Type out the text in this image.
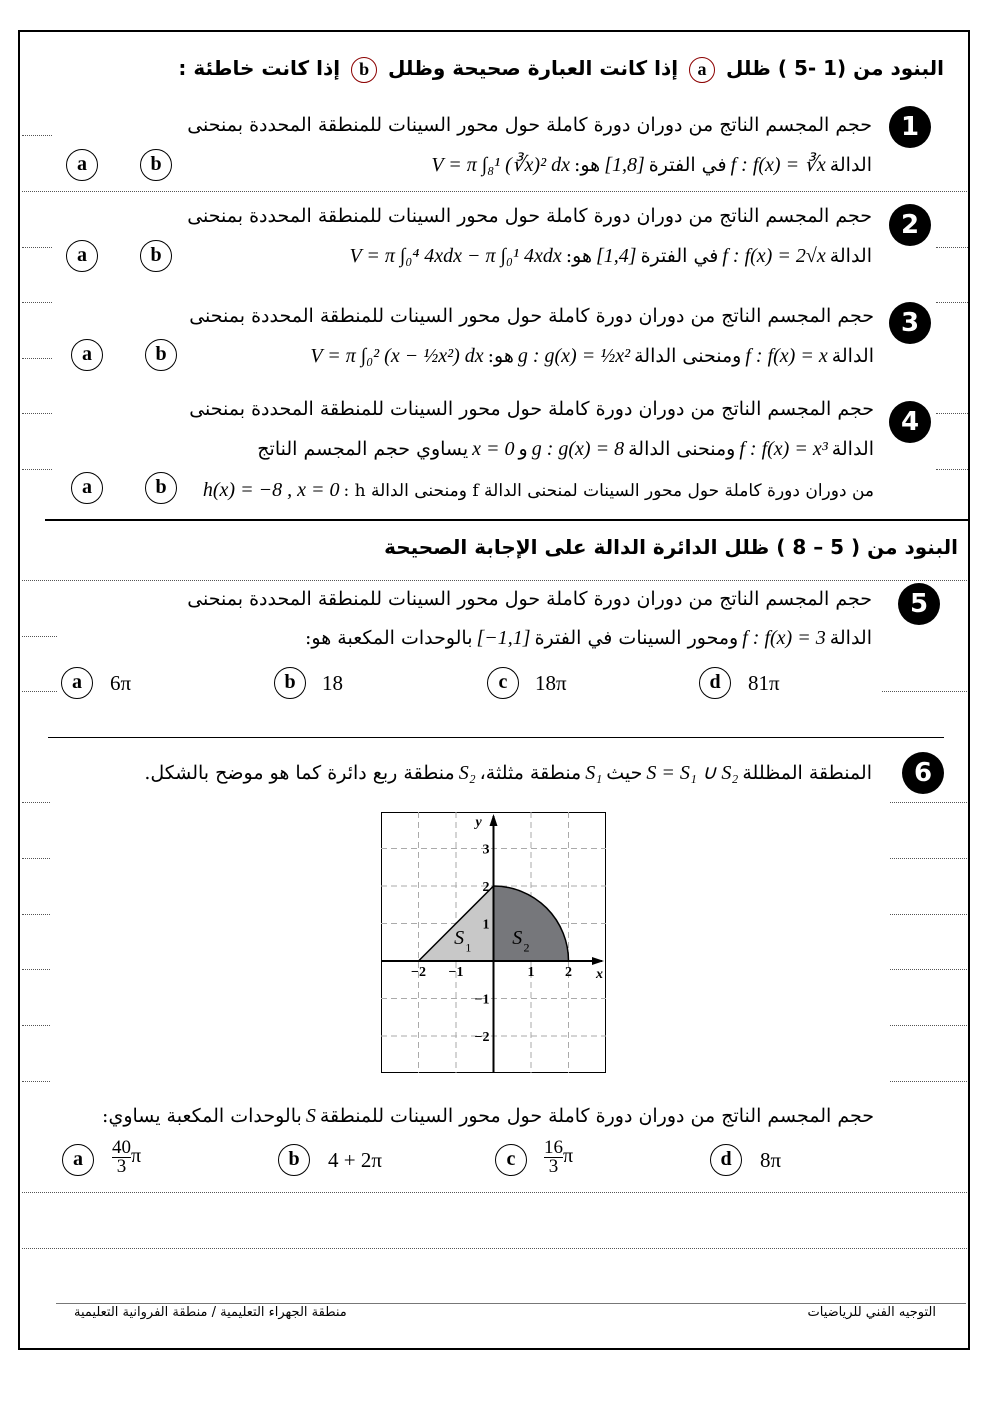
البنود من (1 -5 ) ظلل a إذا كانت العبارة صحيحة وظلل b إذا كانت خاطئة :
1
حجم المجسم الناتج من دوران دورة كاملة حول محور السينات للمنطقة المحددة بمنحنى
الدالةf : f(x) = ∛xفي الفترة[1,8]هو:V = π ∫₈¹ (∛x)² dx
a	b
2
حجم المجسم الناتج من دوران دورة كاملة حول محور السينات للمنطقة المحددة بمنحنى
الدالةf : f(x) = 2√xفي الفترة[1,4]هو:V = π ∫₀⁴ 4xdx − π ∫₀¹ 4xdx
a	b
3
حجم المجسم الناتج من دوران دورة كاملة حول محور السينات للمنطقة المحددة بمنحنى
الدالةf : f(x) = xومنحنى الدالةg : g(x) = ½x²هو:V = π ∫₀² (x − ½x²) dx
a	b
4
حجم المجسم الناتج من دوران دورة كاملة حول محور السينات للمنطقة المحددة بمنحنى
الدالةf : f(x) = x³ومنحنى الدالةg : g(x) = 8وx = 0يساوي حجم المجسم الناتج
من دوران دورة كاملة حول محور السينات لمنحنى الدالة f ومنحنى الدالة h :h(x) = −8 , x = 0
a	b
البنود من ( 5 – 8 ) ظلل الدائرة الدالة على الإجابة الصحيحة
5
حجم المجسم الناتج من دوران دورة كاملة حول محور السينات للمنطقة المحددة بمنحنى
الدالةf : f(x) = 3ومحور السينات في الفترة[−1,1]بالوحدات المكعبة هو:
a	6π	b	18	c	18π	d	81π
6
المنطقة المظللةS = S₁ ∪ S₂حيثS₁منطقة مثلثة،S₂منطقة ربع دائرة كما هو موضح بالشكل.
−2 −1	1 2
3
2
1
−1
−2
x
y
S 1 S 2
حجم المجسم الناتج من دوران دورة كاملة حول محور السينات للمنطقةSبالوحدات المكعبة يساوي:
a	$\frac{40}{3}$ π	b	4 + 2π	c	$\frac{16}{3}$ π	d	8π
التوجيه الفني للرياضيات
منطقة الجهراء التعليمية / منطقة الفروانية التعليمية
